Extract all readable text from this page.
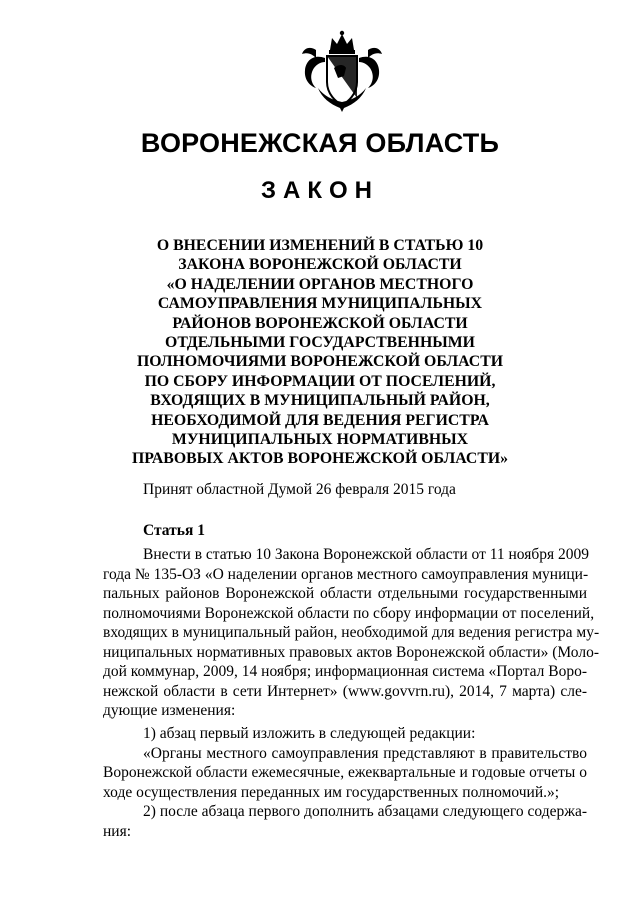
ВОРОНЕЖСКАЯ ОБЛАСТЬ
ЗАКОН
О ВНЕСЕНИИ ИЗМЕНЕНИЙ В СТАТЬЮ 10
ЗАКОНА ВОРОНЕЖСКОЙ ОБЛАСТИ
«О НАДЕЛЕНИИ ОРГАНОВ МЕСТНОГО
САМОУПРАВЛЕНИЯ МУНИЦИПАЛЬНЫХ
РАЙОНОВ ВОРОНЕЖСКОЙ ОБЛАСТИ
ОТДЕЛЬНЫМИ ГОСУДАРСТВЕННЫМИ
ПОЛНОМОЧИЯМИ ВОРОНЕЖСКОЙ ОБЛАСТИ
ПО СБОРУ ИНФОРМАЦИИ ОТ ПОСЕЛЕНИЙ,
ВХОДЯЩИХ В МУНИЦИПАЛЬНЫЙ РАЙОН,
НЕОБХОДИМОЙ ДЛЯ ВЕДЕНИЯ РЕГИСТРА
МУНИЦИПАЛЬНЫХ НОРМАТИВНЫХ
ПРАВОВЫХ АКТОВ ВОРОНЕЖСКОЙ ОБЛАСТИ»
Принят областной Думой 26 февраля 2015 года
Статья 1
Внести в статью 10 Закона Воронежской области от 11 ноября 2009
года № 135-ОЗ «О наделении органов местного самоуправления муници-
пальных районов Воронежской области отдельными государственными
полномочиями Воронежской области по сбору информации от поселений,
входящих в муниципальный район, необходимой для ведения регистра му-
ниципальных нормативных правовых актов Воронежской области» (Моло-
дой коммунар, 2009, 14 ноября; информационная система «Портал Воро-
нежской области в сети Интернет» (www.govvrn.ru), 2014, 7 марта) сле-
дующие изменения:
1) абзац первый изложить в следующей редакции:
«Органы местного самоуправления представляют в правительство
Воронежской области ежемесячные, ежеквартальные и годовые отчеты о
ходе осуществления переданных им государственных полномочий.»;
2) после абзаца первого дополнить абзацами следующего содержа-
ния:
